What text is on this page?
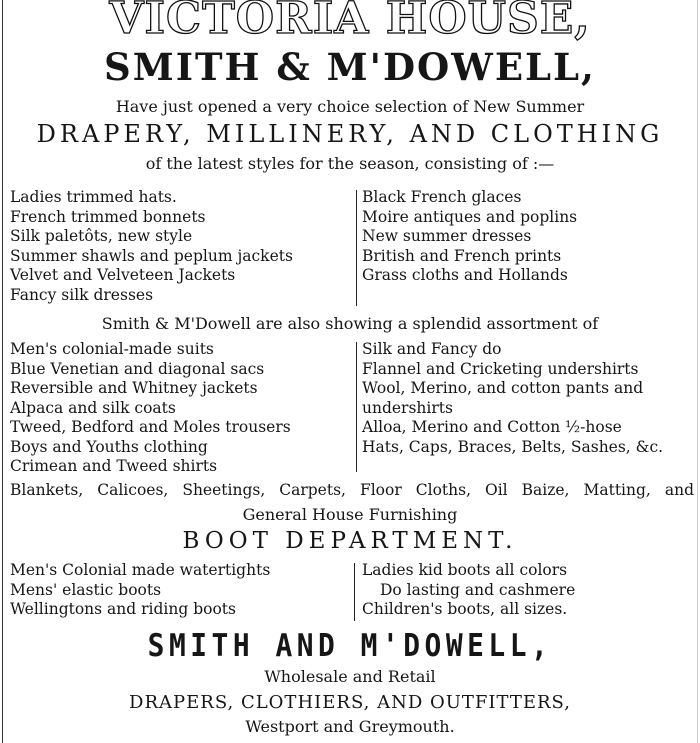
VICTORIA HOUSE,
SMITH & M'DOWELL,
Have just opened a very choice selection of New Summer
DRAPERY, MILLINERY, AND CLOTHING
of the latest styles for the season, consisting of :—
Ladies trimmed hats.
French trimmed bonnets
Silk paletôts, new style
Summer shawls and peplum jackets
Velvet and Velveteen Jackets
Fancy silk dresses
Black French glaces
Moire antiques and poplins
New summer dresses
British and French prints
Grass cloths and Hollands
Smith & M'Dowell are also showing a splendid assortment of
Men's colonial-made suits
Blue Venetian and diagonal sacs
Reversible and Whitney jackets
Alpaca and silk coats
Tweed, Bedford and Moles trousers
Boys and Youths clothing
Crimean and Tweed shirts
Silk and Fancy do
Flannel and Cricketing undershirts
Wool, Merino, and cotton pants and
undershirts
Alloa, Merino and Cotton ½-hose
Hats, Caps, Braces, Belts, Sashes, &c.
Blankets, Calicoes, Sheetings, Carpets, Floor Cloths, Oil Baize, Matting, and
General House Furnishing
BOOT DEPARTMENT.
Men's Colonial made watertights
Mens' elastic boots
Wellingtons and riding boots
Ladies kid boots all colors
Do lasting and cashmere
Children's boots, all sizes.
SMITH AND M'DOWELL,
Wholesale and Retail
DRAPERS, CLOTHIERS, AND OUTFITTERS,
Westport and Greymouth.
